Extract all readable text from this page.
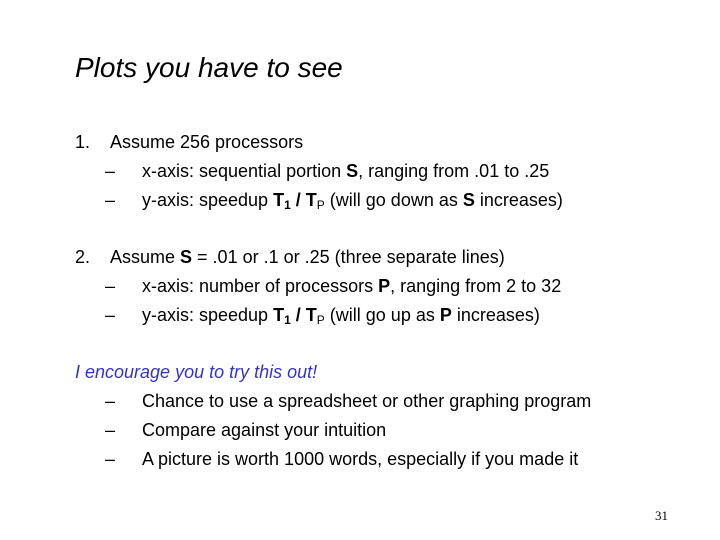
Plots you have to see
1. Assume 256 processors
– x-axis: sequential portion S, ranging from .01 to .25
– y-axis: speedup $T_1 / T_P$ (will go down as S increases)
2. Assume S = .01 or .1 or .25 (three separate lines)
– x-axis: number of processors P, ranging from 2 to 32
– y-axis: speedup $T_1 / T_P$ (will go up as P increases)
I encourage you to try this out!
– Chance to use a spreadsheet or other graphing program
– Compare against your intuition
– A picture is worth 1000 words, especially if you made it
31
